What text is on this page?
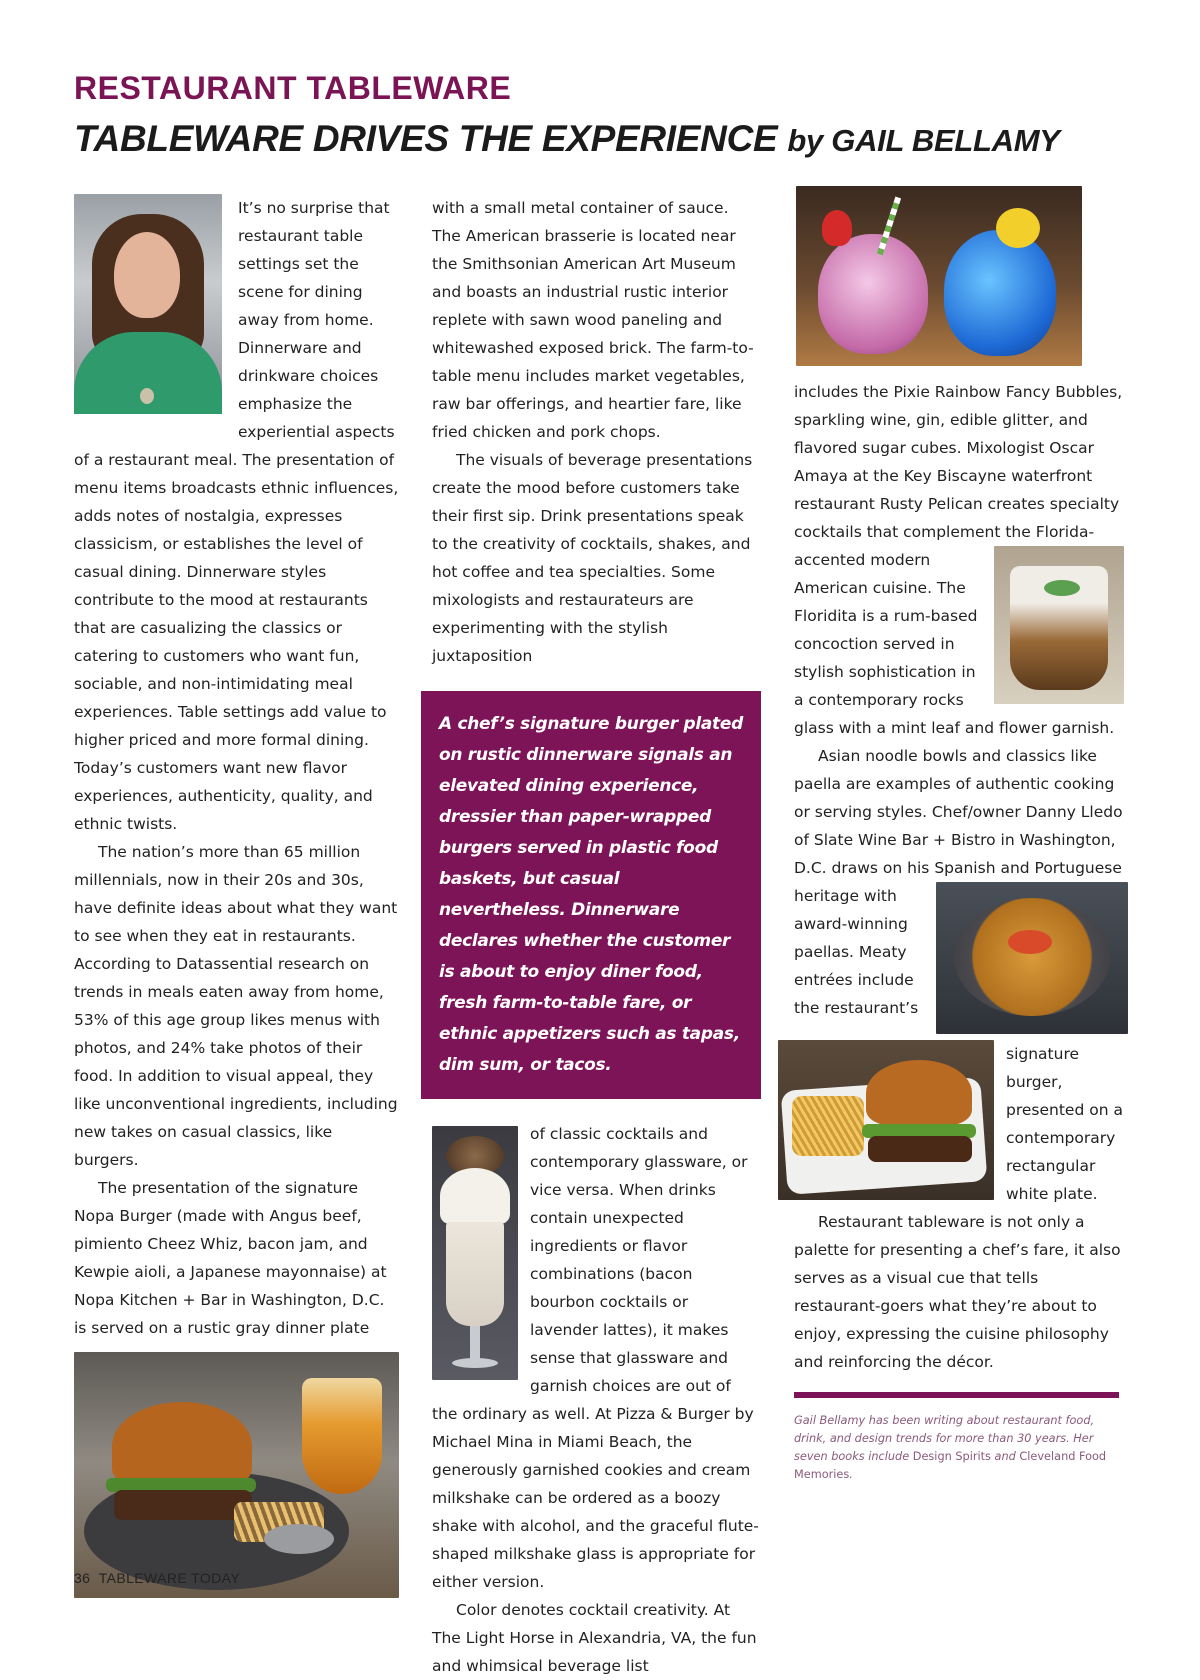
RESTAURANT TABLEWARE
TABLEWARE DRIVES THE EXPERIENCE by GAIL BELLAMY

It’s no surprise that restaurant table settings set the scene for dining away from home. Dinnerware and drinkware choices emphasize the experiential aspects of a restaurant meal. The presentation of menu items broadcasts ethnic influences, adds notes of nostalgia, expresses classicism, or establishes the level of casual dining. Dinnerware styles contribute to the mood at restaurants that are casualizing the classics or catering to customers who want fun, sociable, and non-intimidating meal experiences. Table settings add value to higher priced and more formal dining. Today’s customers want new flavor experiences, authenticity, quality, and ethnic twists.

The nation’s more than 65 million millennials, now in their 20s and 30s, have definite ideas about what they want to see when they eat in restaurants. According to Datassential research on trends in meals eaten away from home, 53% of this age group likes menus with photos, and 24% take photos of their food. In addition to visual appeal, they like unconventional ingredients, including new takes on casual classics, like burgers.

The presentation of the signature Nopa Burger (made with Angus beef, pimiento Cheez Whiz, bacon jam, and Kewpie aioli, a Japanese mayonnaise) at Nopa Kitchen + Bar in Washington, D.C. is served on a rustic gray dinner plate

with a small metal container of sauce. The American brasserie is located near the Smithsonian American Art Museum and boasts an industrial rustic interior replete with sawn wood paneling and whitewashed exposed brick. The farm-to-table menu includes market vegetables, raw bar offerings, and heartier fare, like fried chicken and pork chops.

The visuals of beverage presentations create the mood before customers take their first sip. Drink presentations speak to the creativity of cocktails, shakes, and hot coffee and tea specialties. Some mixologists and restaurateurs are experimenting with the stylish juxtaposition

A chef’s signature burger plated on rustic dinnerware signals an elevated dining experience, dressier than paper-wrapped burgers served in plastic food baskets, but casual nevertheless. Dinnerware declares whether the customer is about to enjoy diner food, fresh farm-to-table fare, or ethnic appetizers such as tapas, dim sum, or tacos.

of classic cocktails and contemporary glassware, or vice versa. When drinks contain unexpected ingredients or flavor combinations (bacon bourbon cocktails or lavender lattes), it makes sense that glassware and garnish choices are out of the ordinary as well. At Pizza & Burger by Michael Mina in Miami Beach, the generously garnished cookies and cream milkshake can be ordered as a boozy shake with alcohol, and the graceful flute-shaped milkshake glass is appropriate for either version.

Color denotes cocktail creativity. At The Light Horse in Alexandria, VA, the fun and whimsical beverage list

includes the Pixie Rainbow Fancy Bubbles, sparkling wine, gin, edible glitter, and flavored sugar cubes. Mixologist Oscar Amaya at the Key Biscayne waterfront restaurant Rusty Pelican creates specialty cocktails that complement the Florida-accented modern American cuisine. The Floridita is a rum-based concoction served in stylish sophistication in a contemporary rocks glass with a mint leaf and flower garnish.

Asian noodle bowls and classics like paella are examples of authentic cooking or serving styles. Chef/owner Danny Lledo of Slate Wine Bar + Bistro in Washington, D.C. draws on his Spanish and Portuguese heritage with award-winning paellas. Meaty entrées include the restaurant’s signature burger, presented on a contemporary rectangular white plate.

Restaurant tableware is not only a palette for presenting a chef’s fare, it also serves as a visual cue that tells restaurant-goers what they’re about to enjoy, expressing the cuisine philosophy and reinforcing the décor.

Gail Bellamy has been writing about restaurant food, drink, and design trends for more than 30 years. Her seven books include Design Spirits and Cleveland Food Memories.

36 TABLEWARE TODAY
